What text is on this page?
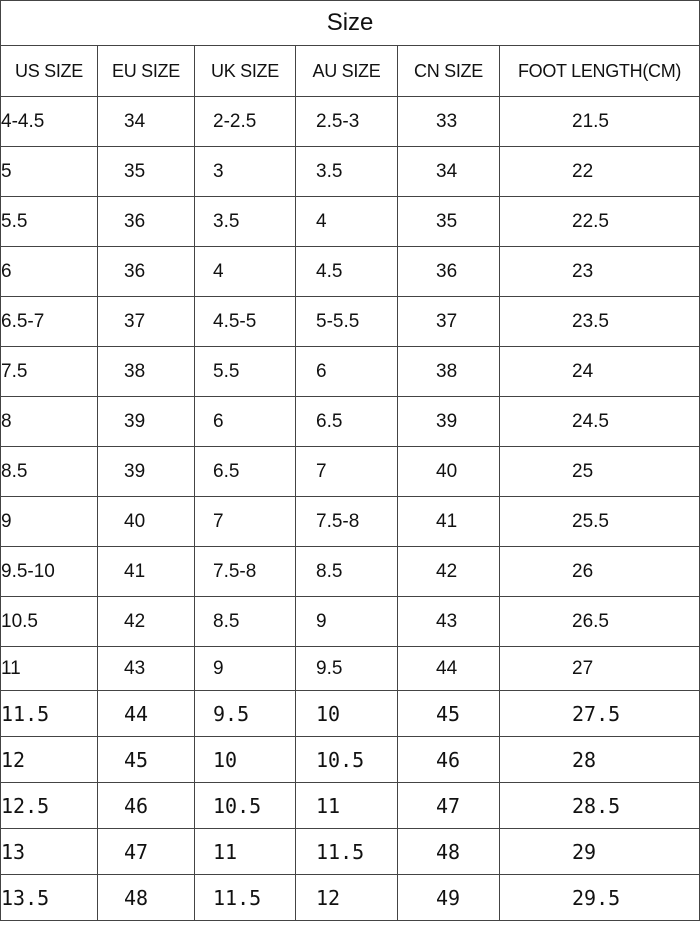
Size					
US SIZE	EU SIZE	UK SIZE	AU SIZE	CN SIZE	FOOT LENGTH(CM)
4-4.5	34	2-2.5	2.5-3	33	21.5
5	35	3	3.5	34	22
5.5	36	3.5	4	35	22.5
6	36	4	4.5	36	23
6.5-7	37	4.5-5	5-5.5	37	23.5
7.5	38	5.5	6	38	24
8	39	6	6.5	39	24.5
8.5	39	6.5	7	40	25
9	40	7	7.5-8	41	25.5
9.5-10	41	7.5-8	8.5	42	26
10.5	42	8.5	9	43	26.5
11	43	9	9.5	44	27
11.5	44	9.5	10	45	27.5
12	45	10	10.5	46	28
12.5	46	10.5	11	47	28.5
13	47	11	11.5	48	29
13.5	48	11.5	12	49	29.5
